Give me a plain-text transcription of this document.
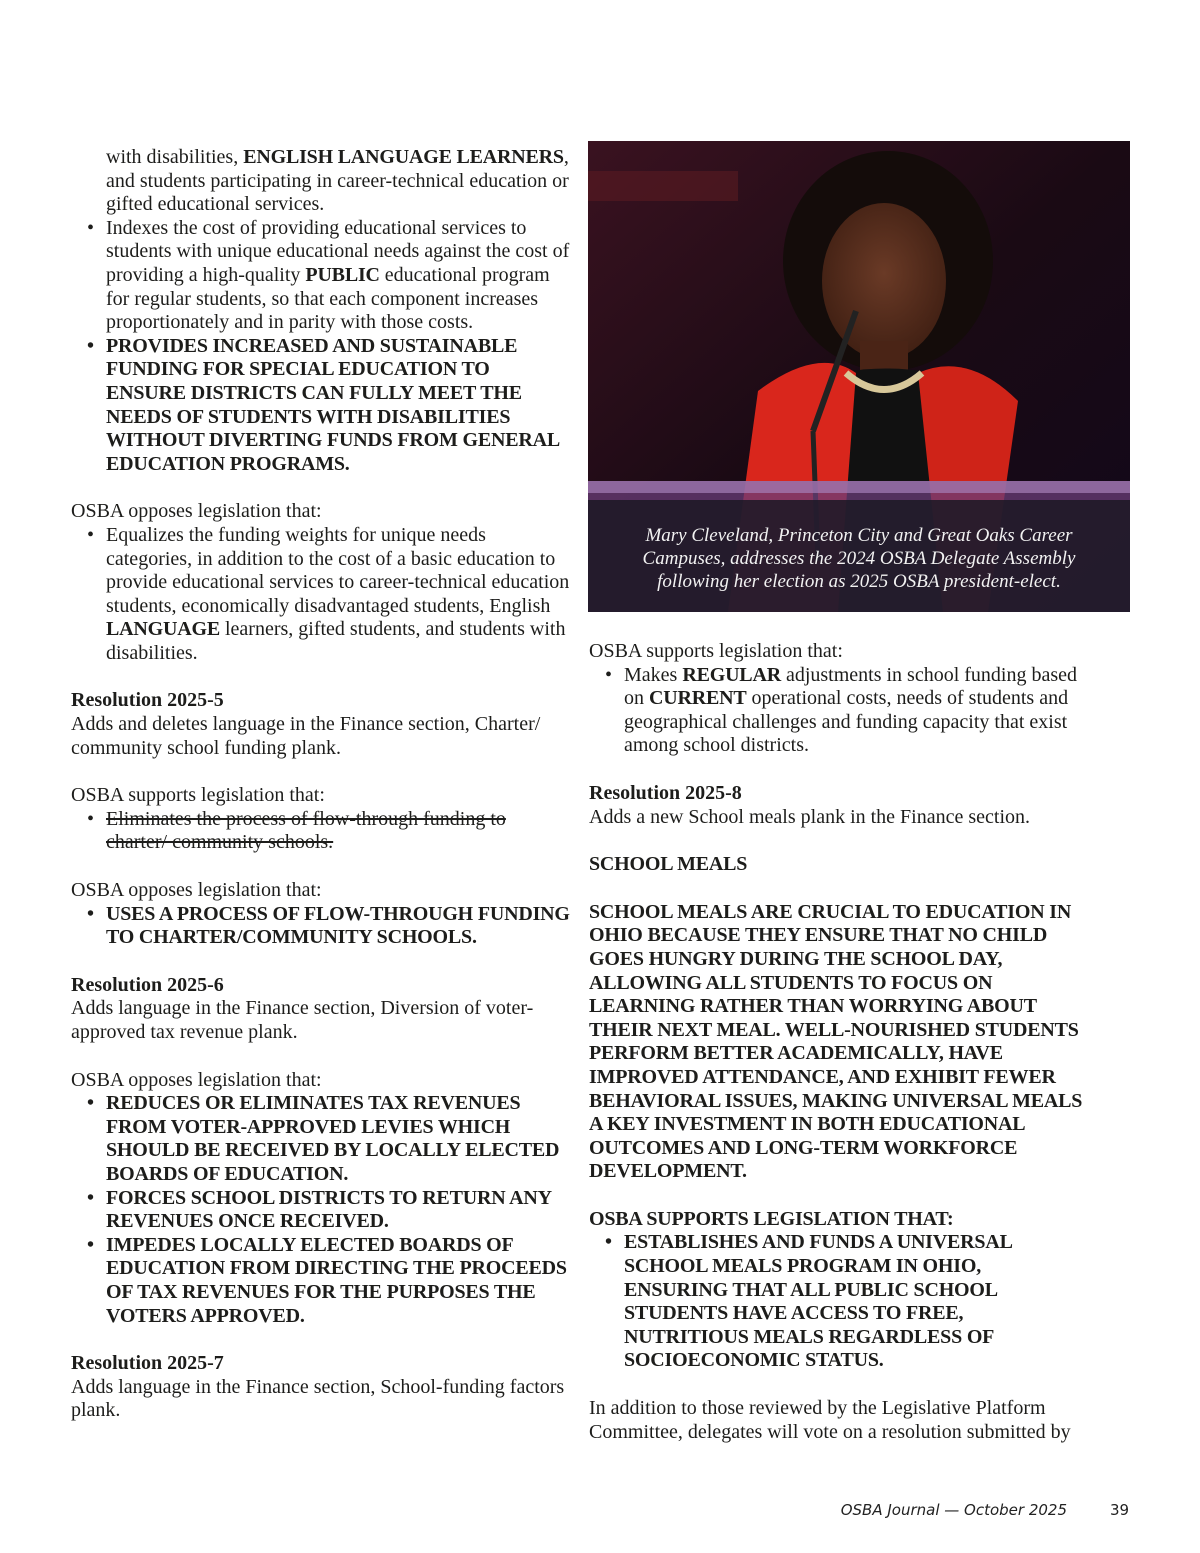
with disabilities, ENGLISH LANGUAGE LEARNERS, and students participating in career-technical education or gifted educational services.

• Indexes the cost of providing educational services to students with unique educational needs against the cost of providing a high-quality PUBLIC educational program for regular students, so that each component increases proportionately and in parity with those costs.
• PROVIDES INCREASED AND SUSTAINABLE FUNDING FOR SPECIAL EDUCATION TO ENSURE DISTRICTS CAN FULLY MEET THE NEEDS OF STUDENTS WITH DISABILITIES WITHOUT DIVERTING FUNDS FROM GENERAL EDUCATION PROGRAMS.

OSBA opposes legislation that:

• Equalizes the funding weights for unique needs categories, in addition to the cost of a basic education to provide educational services to career-technical education students, economically disadvantaged students, English LANGUAGE learners, gifted students, and students with disabilities.

Resolution 2025-5

Adds and deletes language in the Finance section, Charter/ community school funding plank.

OSBA supports legislation that:

• Eliminates the process of flow-through funding to charter/ community schools.

OSBA opposes legislation that:

• USES A PROCESS OF FLOW-THROUGH FUNDING TO CHARTER/COMMUNITY SCHOOLS.

Resolution 2025-6

Adds language in the Finance section, Diversion of voter-approved tax revenue plank.

OSBA opposes legislation that:

• REDUCES OR ELIMINATES TAX REVENUES FROM VOTER-APPROVED LEVIES WHICH SHOULD BE RECEIVED BY LOCALLY ELECTED BOARDS OF EDUCATION.
• FORCES SCHOOL DISTRICTS TO RETURN ANY REVENUES ONCE RECEIVED.
• IMPEDES LOCALLY ELECTED BOARDS OF EDUCATION FROM DIRECTING THE PROCEEDS OF TAX REVENUES FOR THE PURPOSES THE VOTERS APPROVED.

Resolution 2025-7

Adds language in the Finance section, School-funding factors plank.

Mary Cleveland, Princeton City and Great Oaks Career Campuses, addresses the 2024 OSBA Delegate Assembly following her election as 2025 OSBA president-elect.

OSBA supports legislation that:

• Makes REGULAR adjustments in school funding based on CURRENT operational costs, needs of students and geographical challenges and funding capacity that exist among school districts.

Resolution 2025-8

Adds a new School meals plank in the Finance section.

SCHOOL MEALS

SCHOOL MEALS ARE CRUCIAL TO EDUCATION IN OHIO BECAUSE THEY ENSURE THAT NO CHILD GOES HUNGRY DURING THE SCHOOL DAY, ALLOWING ALL STUDENTS TO FOCUS ON LEARNING RATHER THAN WORRYING ABOUT THEIR NEXT MEAL. WELL-NOURISHED STUDENTS PERFORM BETTER ACADEMICALLY, HAVE IMPROVED ATTENDANCE, AND EXHIBIT FEWER BEHAVIORAL ISSUES, MAKING UNIVERSAL MEALS A KEY INVESTMENT IN BOTH EDUCATIONAL OUTCOMES AND LONG-TERM WORKFORCE DEVELOPMENT.

OSBA SUPPORTS LEGISLATION THAT:

• ESTABLISHES AND FUNDS A UNIVERSAL SCHOOL MEALS PROGRAM IN OHIO, ENSURING THAT ALL PUBLIC SCHOOL STUDENTS HAVE ACCESS TO FREE, NUTRITIOUS MEALS REGARDLESS OF SOCIOECONOMIC STATUS.

In addition to those reviewed by the Legislative Platform Committee, delegates will vote on a resolution submitted by

OSBA Journal — October 2025	39
